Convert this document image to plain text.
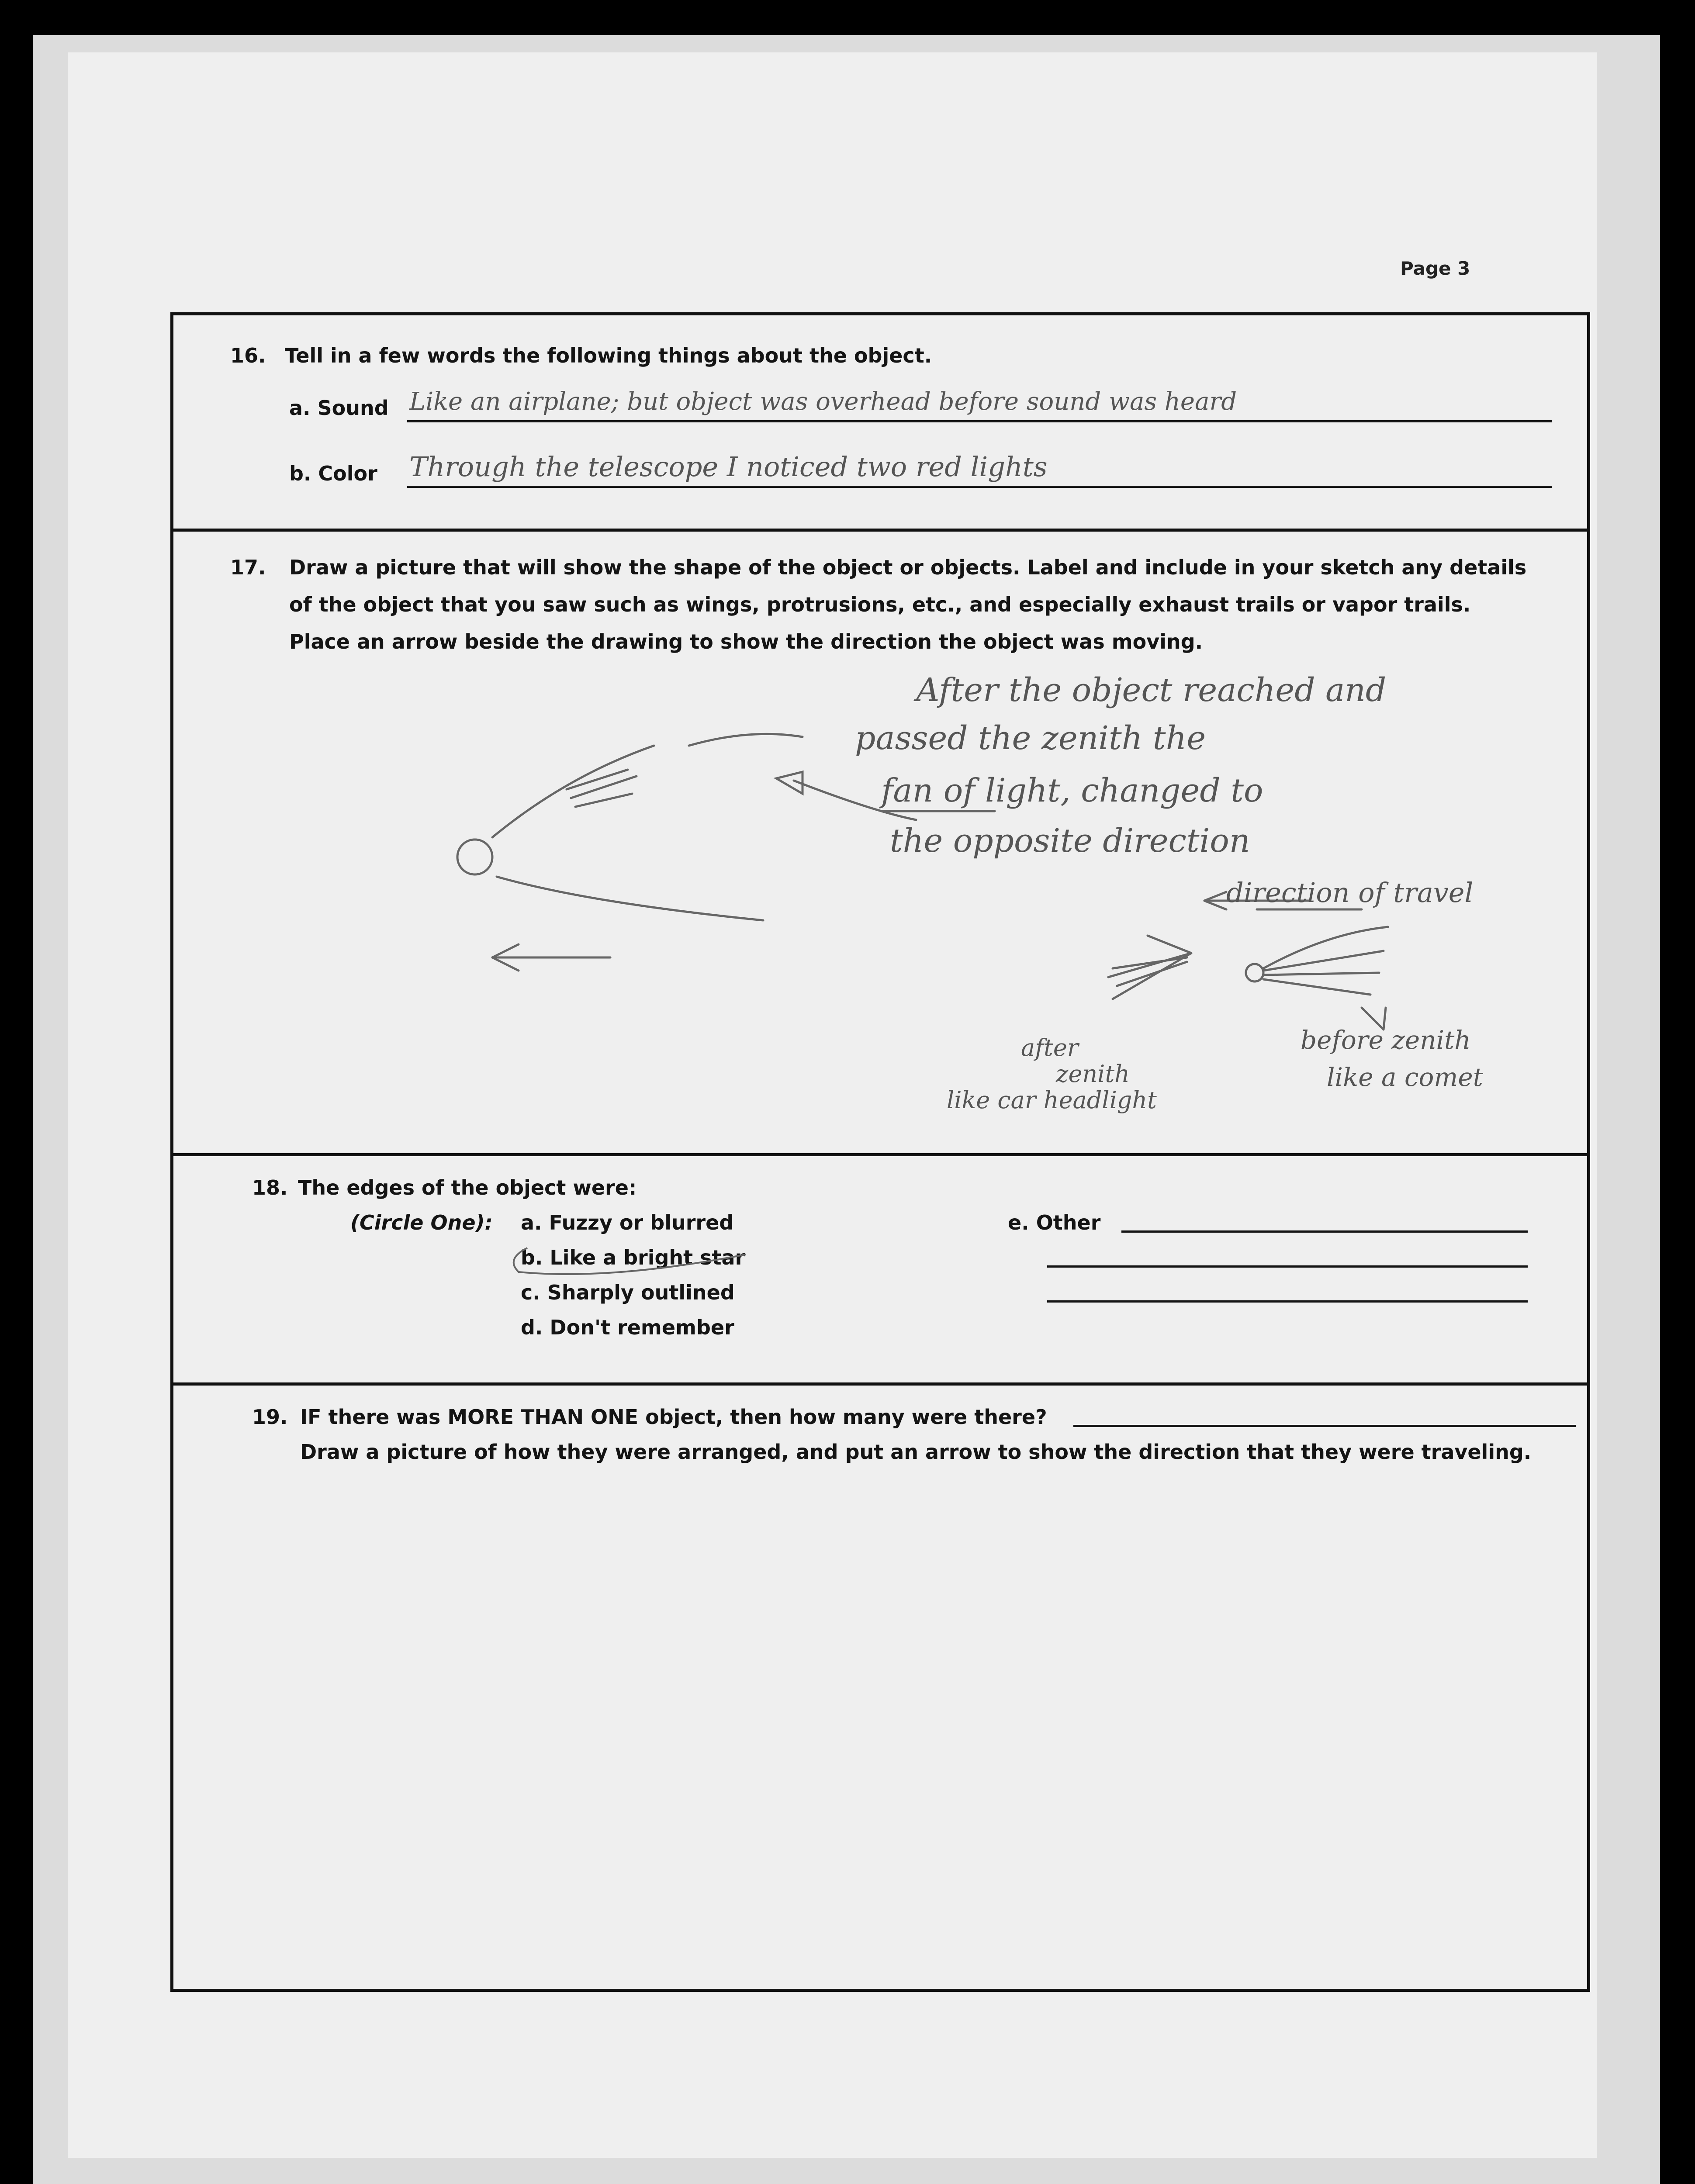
Page 3
16. Tell in a few words the following things about the object.
a. Sound Like an airplane; but object was overhead before sound was heard
b. Color Through the telescope I noticed two red lights
17. Draw a picture that will show the shape of the object or objects. Label and include in your sketch any details
of the object that you saw such as wings, protrusions, etc., and especially exhaust trails or vapor trails.
Place an arrow beside the drawing to show the direction the object was moving.
After the object reached and
passed the zenith the
fan of light, changed to
the opposite direction
direction of travel
after
zenith
like car headlight
before zenith
like a comet
18. The edges of the object were:
(Circle One): a. Fuzzy or blurred
b. Like a bright star
c. Sharply outlined
d. Don't remember
e. Other
19. IF there was MORE THAN ONE object, then how many were there?
Draw a picture of how they were arranged, and put an arrow to show the direction that they were traveling.
